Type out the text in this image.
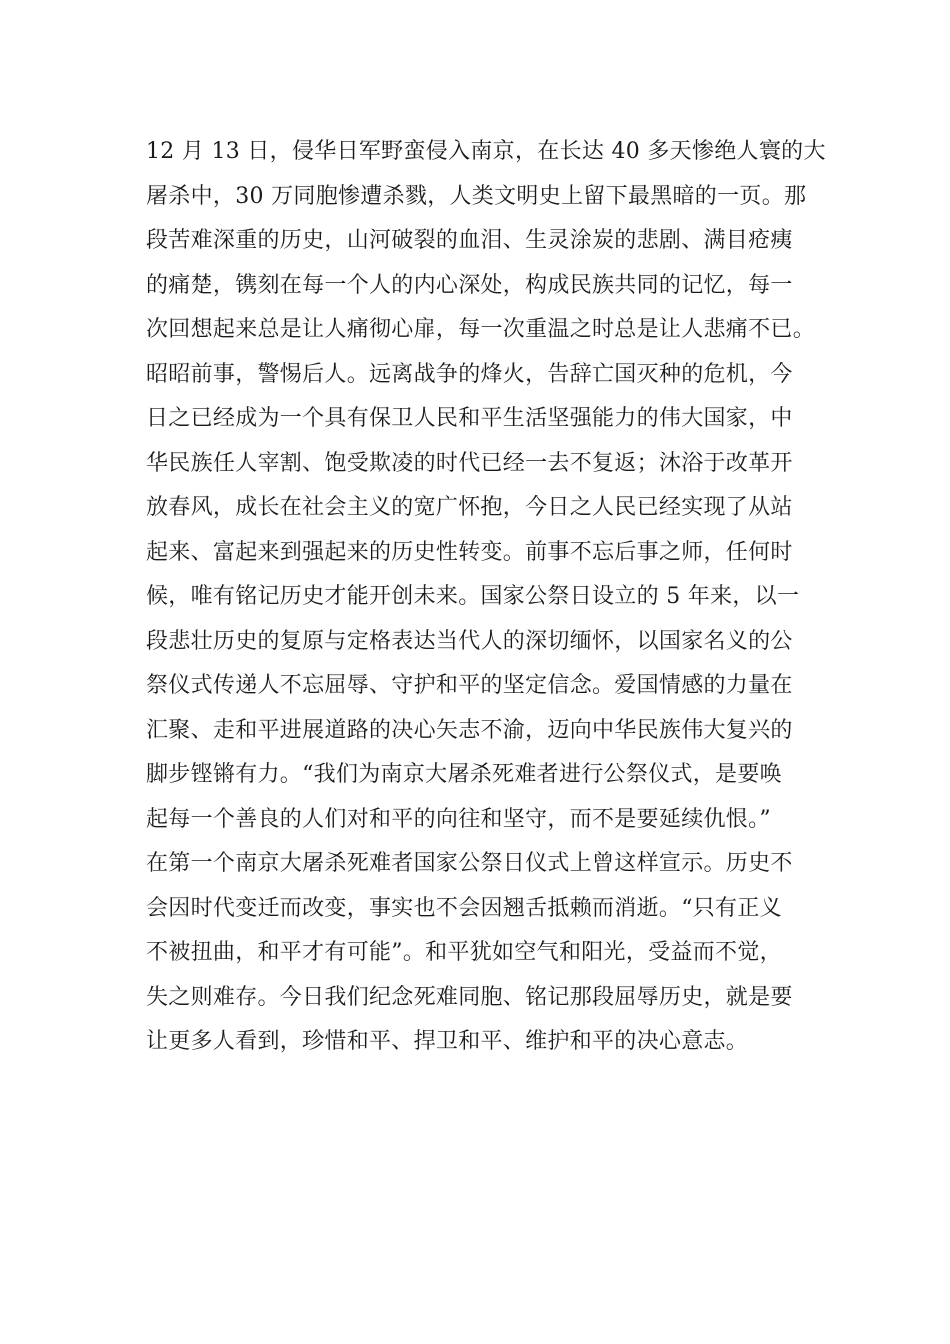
12 月 13 日，侵华日军野蛮侵入南京，在长达 40 多天惨绝人寰的大
屠杀中，30 万同胞惨遭杀戮，人类文明史上留下最黑暗的一页。那
段苦难深重的历史，山河破裂的血泪、生灵涂炭的悲剧、满目疮痍
的痛楚，镌刻在每一个人的内心深处，构成民族共同的记忆，每一
次回想起来总是让人痛彻心扉，每一次重温之时总是让人悲痛不已。
昭昭前事，警惕后人。远离战争的烽火，告辞亡国灭种的危机，今
日之已经成为一个具有保卫人民和平生活坚强能力的伟大国家，中
华民族任人宰割、饱受欺凌的时代已经一去不复返；沐浴于改革开
放春风，成长在社会主义的宽广怀抱，今日之人民已经实现了从站
起来、富起来到强起来的历史性转变。前事不忘后事之师，任何时
候，唯有铭记历史才能开创未来。国家公祭日设立的 5 年来，以一
段悲壮历史的复原与定格表达当代人的深切缅怀，以国家名义的公
祭仪式传递人不忘屈辱、守护和平的坚定信念。爱国情感的力量在
汇聚、走和平进展道路的决心矢志不渝，迈向中华民族伟大复兴的
脚步铿锵有力。“我们为南京大屠杀死难者进行公祭仪式，是要唤
起每一个善良的人们对和平的向往和坚守，而不是要延续仇恨。”
在第一个南京大屠杀死难者国家公祭日仪式上曾这样宣示。历史不
会因时代变迁而改变，事实也不会因翘舌抵赖而消逝。“只有正义
不被扭曲，和平才有可能”。和平犹如空气和阳光，受益而不觉，
失之则难存。今日我们纪念死难同胞、铭记那段屈辱历史，就是要
让更多人看到，珍惜和平、捍卫和平、维护和平的决心意志。
